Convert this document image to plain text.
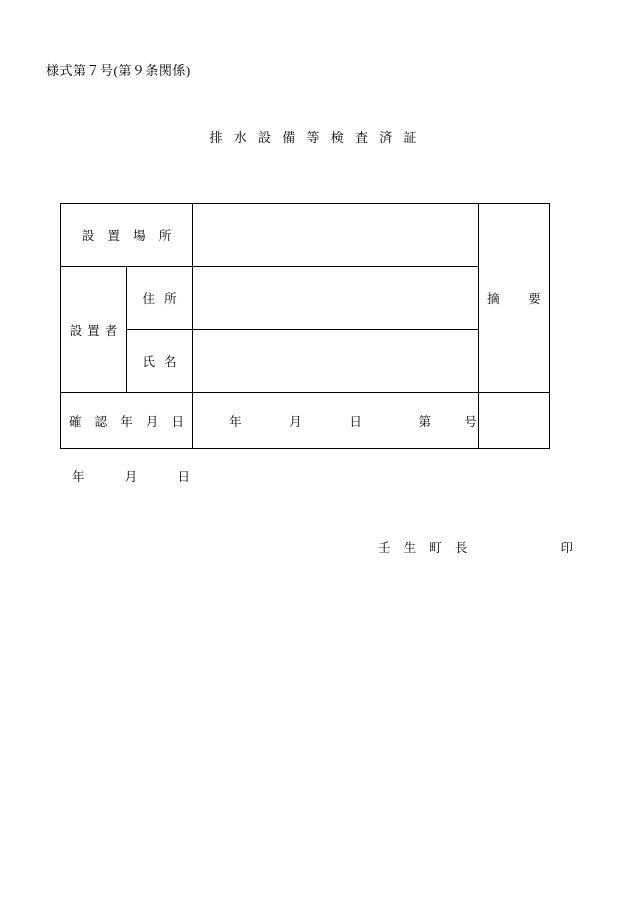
様式第７号(第９条関係)
排 水 設 備 等 検 査 済 証
設 置 場 所			摘　要
設置者	住 所		
	氏 名		
確 認 年 月 日		年 月 日 第 号	

年	月	日
壬 生 町 長	印
